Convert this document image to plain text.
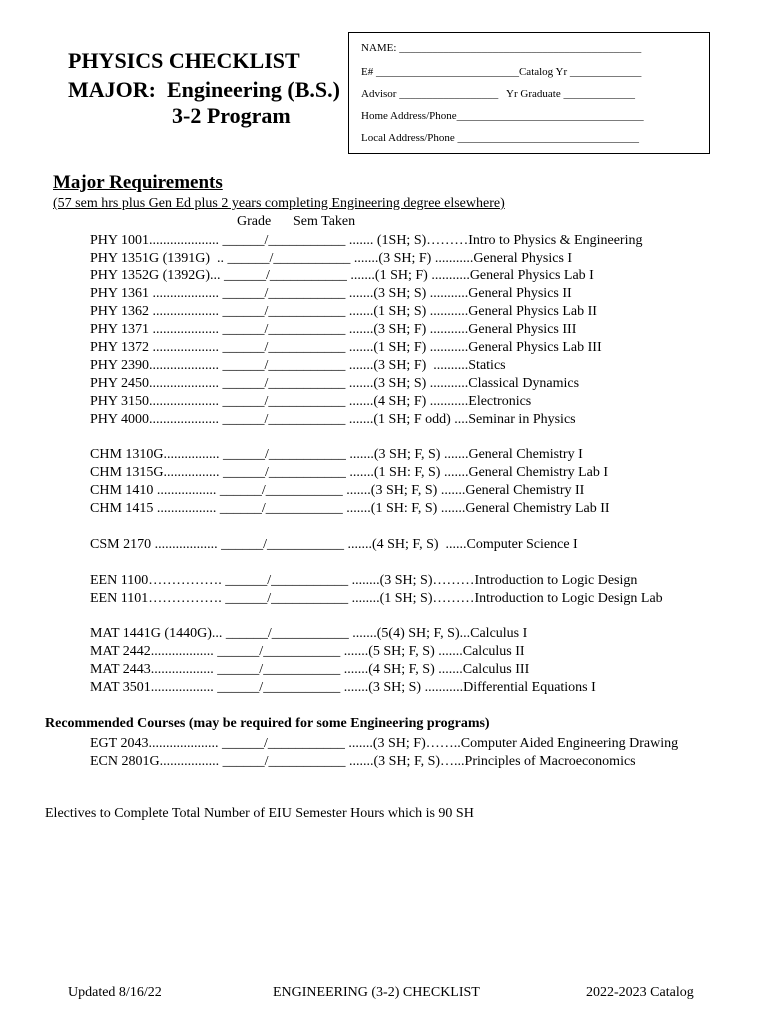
PHYSICS CHECKLIST
MAJOR:  Engineering (B.S.)
3-2 Program
NAME: ____________________________________________
E# __________________________Catalog Yr _____________
Advisor __________________   Yr Graduate _____________
Home Address/Phone__________________________________
Local Address/Phone _________________________________

Major Requirements
(57 sem hrs plus Gen Ed plus 2 years completing Engineering degree elsewhere)

Grade Sem Taken
PHY 1001.................... ______/___________ ....... (1SH; S)………Intro to Physics & Engineering
PHY 1351G (1391G)  .. ______/___________ .......(3 SH; F) ...........General Physics I
PHY 1352G (1392G)... ______/___________ .......(1 SH; F) ...........General Physics Lab I
PHY 1361 ................... ______/___________ .......(3 SH; S) ...........General Physics II
PHY 1362 ................... ______/___________ .......(1 SH; S) ...........General Physics Lab II
PHY 1371 ................... ______/___________ .......(3 SH; F) ...........General Physics III
PHY 1372 ................... ______/___________ .......(1 SH; F) ...........General Physics Lab III
PHY 2390.................... ______/___________ .......(3 SH; F)  ..........Statics
PHY 2450.................... ______/___________ .......(3 SH; S) ...........Classical Dynamics
PHY 3150.................... ______/___________ .......(4 SH; F) ...........Electronics
PHY 4000.................... ______/___________ .......(1 SH; F odd) ....Seminar in Physics
CHM 1310G................ ______/___________ .......(3 SH; F, S) .......General Chemistry I
CHM 1315G................ ______/___________ .......(1 SH: F, S) .......General Chemistry Lab I
CHM 1410 ................. ______/___________ .......(3 SH; F, S) .......General Chemistry II
CHM 1415 ................. ______/___________ .......(1 SH: F, S) .......General Chemistry Lab II
CSM 2170 .................. ______/___________ .......(4 SH; F, S)  ......Computer Science I
EEN 1100……………. ______/___________ ........(3 SH; S)………Introduction to Logic Design
EEN 1101……………. ______/___________ ........(1 SH; S)………Introduction to Logic Design Lab
MAT 1441G (1440G)... ______/___________ .......(5(4) SH; F, S)...Calculus I
MAT 2442.................. ______/___________ .......(5 SH; F, S) .......Calculus II
MAT 2443.................. ______/___________ .......(4 SH; F, S) .......Calculus III
MAT 3501.................. ______/___________ .......(3 SH; S) ...........Differential Equations I
Recommended Courses (may be required for some Engineering programs)
EGT 2043.................... ______/___________ .......(3 SH; F)……..Computer Aided Engineering Drawing
ECN 2801G................. ______/___________ .......(3 SH; F, S)…...Principles of Macroeconomics
Electives to Complete Total Number of EIU Semester Hours which is 90 SH
Updated 8/16/22	ENGINEERING (3-2) CHECKLIST	2022-2023 Catalog
